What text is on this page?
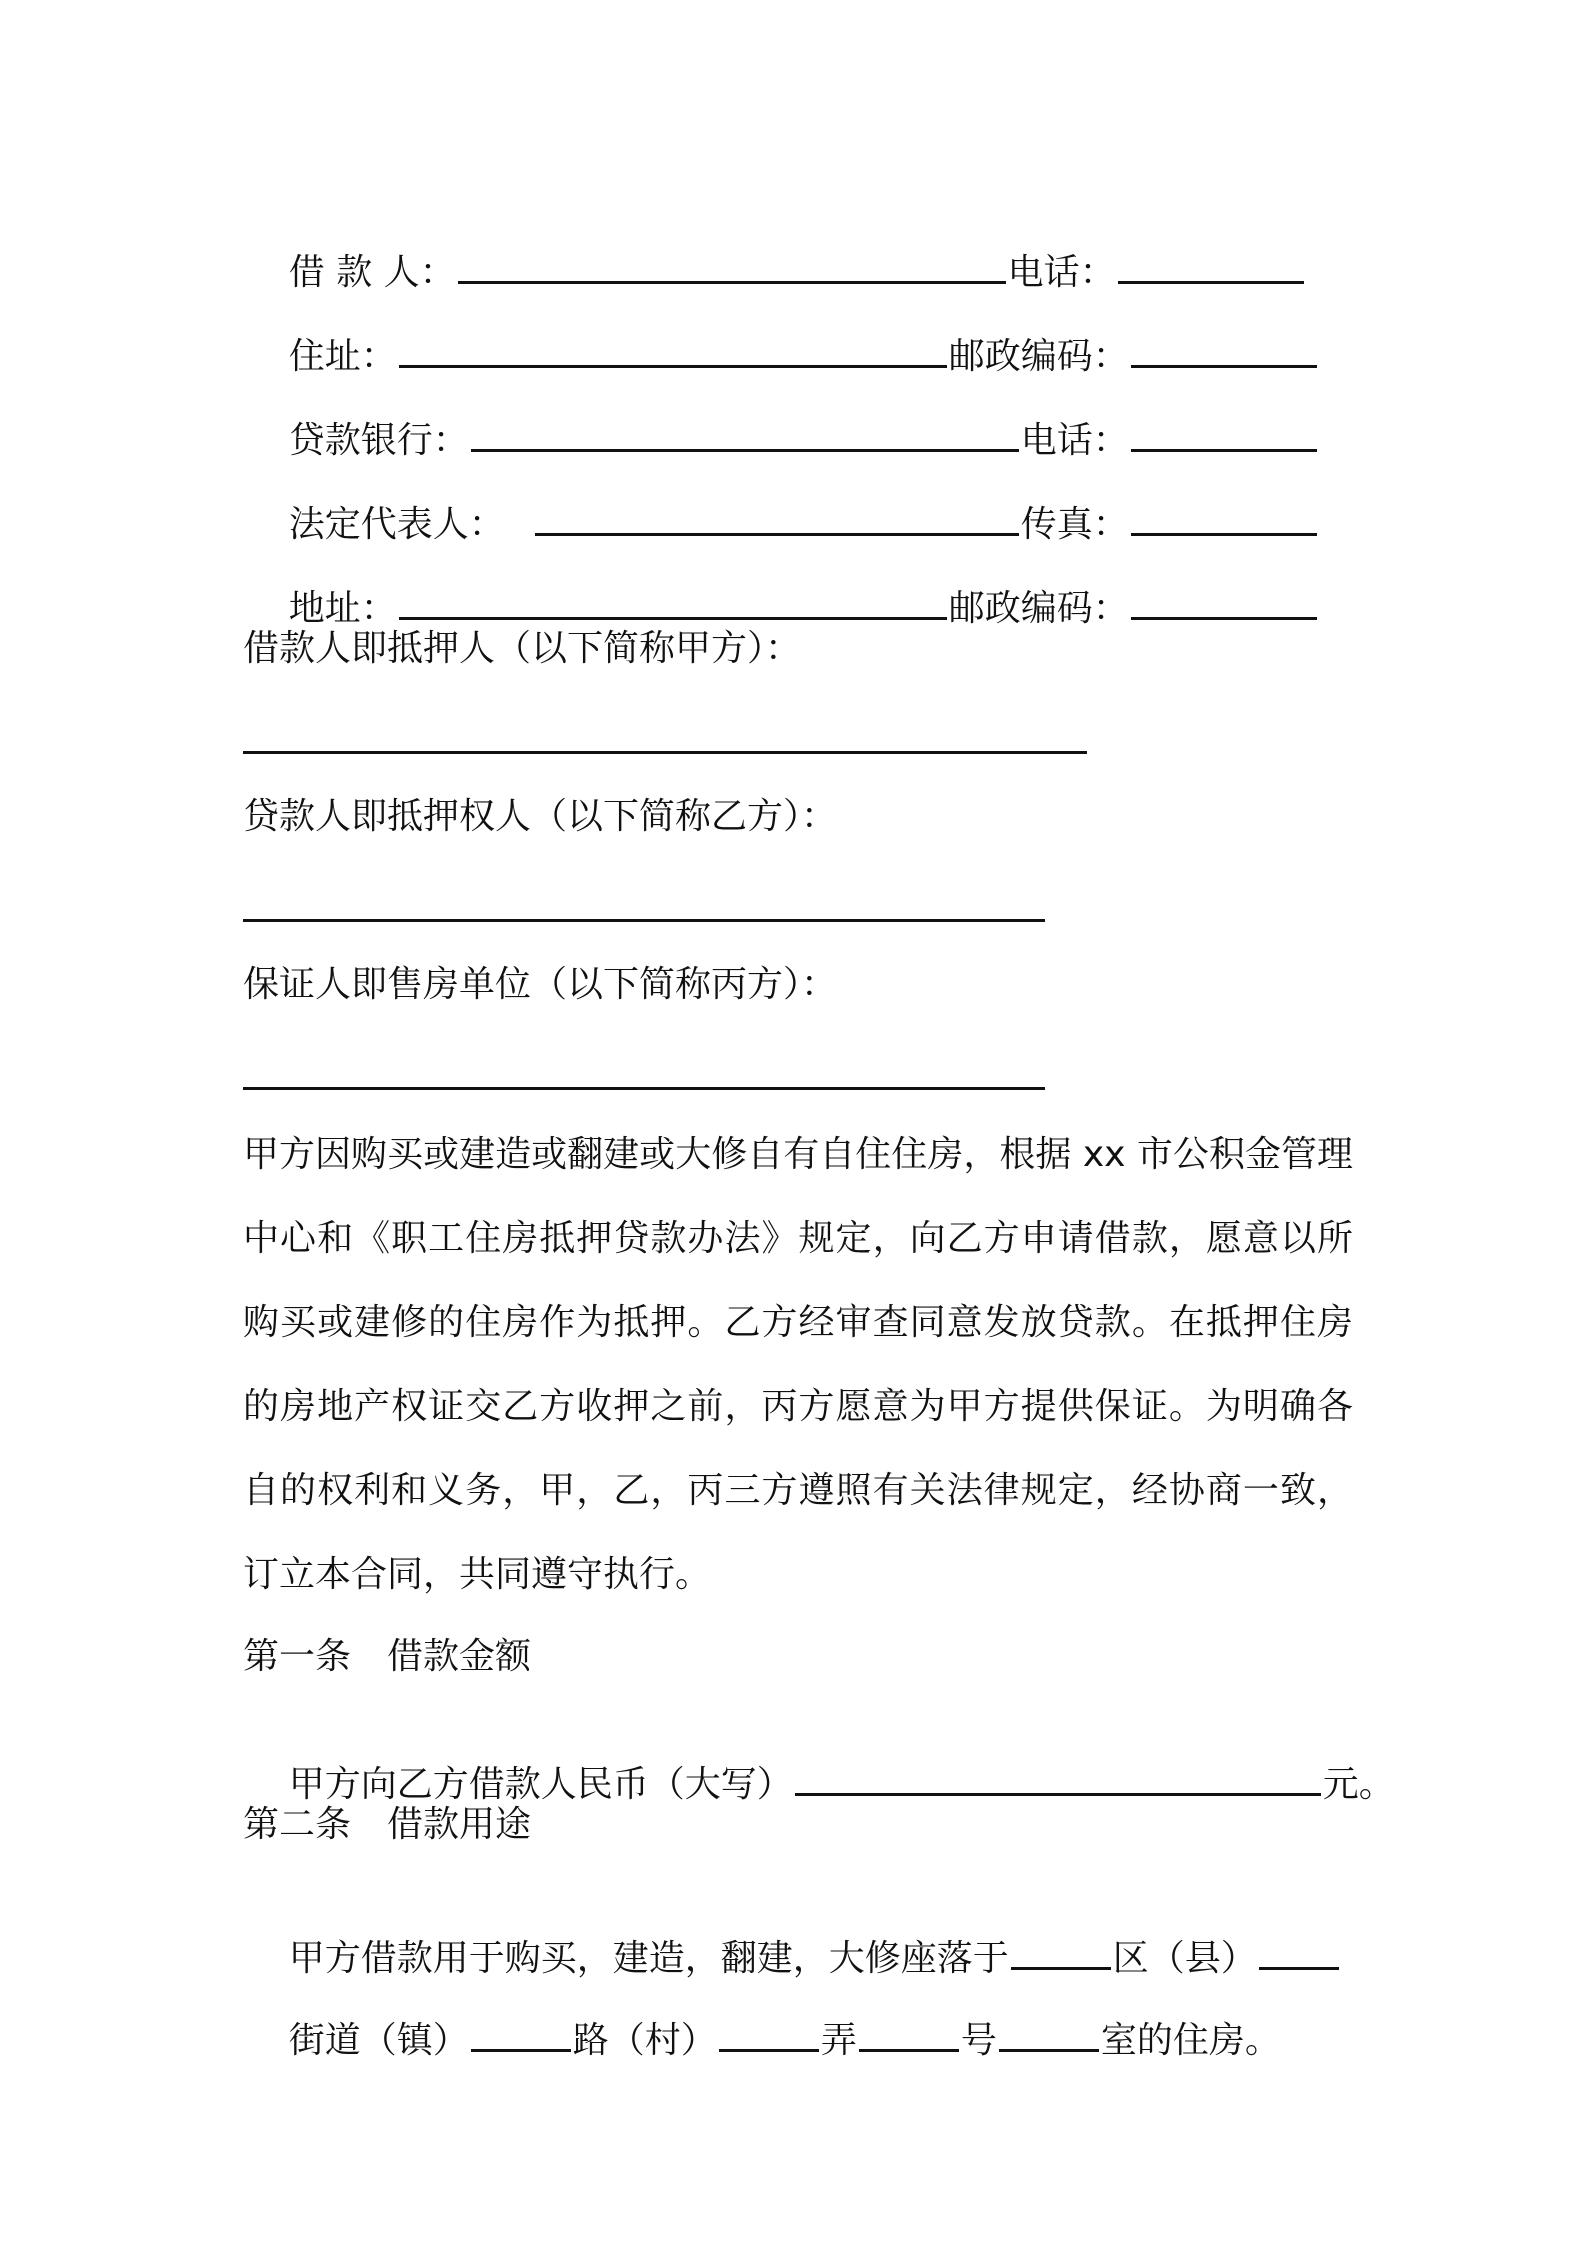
借 款 人：	电话：

住址：	邮政编码：

贷款银行：	电话：

法定代表人：	传真：

地址：	邮政编码：

借款人即抵押人（以下简称甲方）：
贷款人即抵押权人（以下简称乙方）：
保证人即售房单位（以下简称丙方）：
甲方因购买或建造或翻建或大修自有自住住房，根据 xx 市公积金管理中心和《职工住房抵押贷款办法》规定，向乙方申请借款，愿意以所购买或建修的住房作为抵押。乙方经审查同意发放贷款。在抵押住房的房地产权证交乙方收押之前，丙方愿意为甲方提供保证。为明确各自的权利和义务，甲，乙，丙三方遵照有关法律规定，经协商一致，订立本合同，共同遵守执行。
第一条　借款金额

甲方向乙方借款人民币（大写）	元。

第二条　借款用途

甲方借款用于购买，建造，翻建，大修座落于	区（县）

街道（镇）	路（村）	弄	号	室的住房。
